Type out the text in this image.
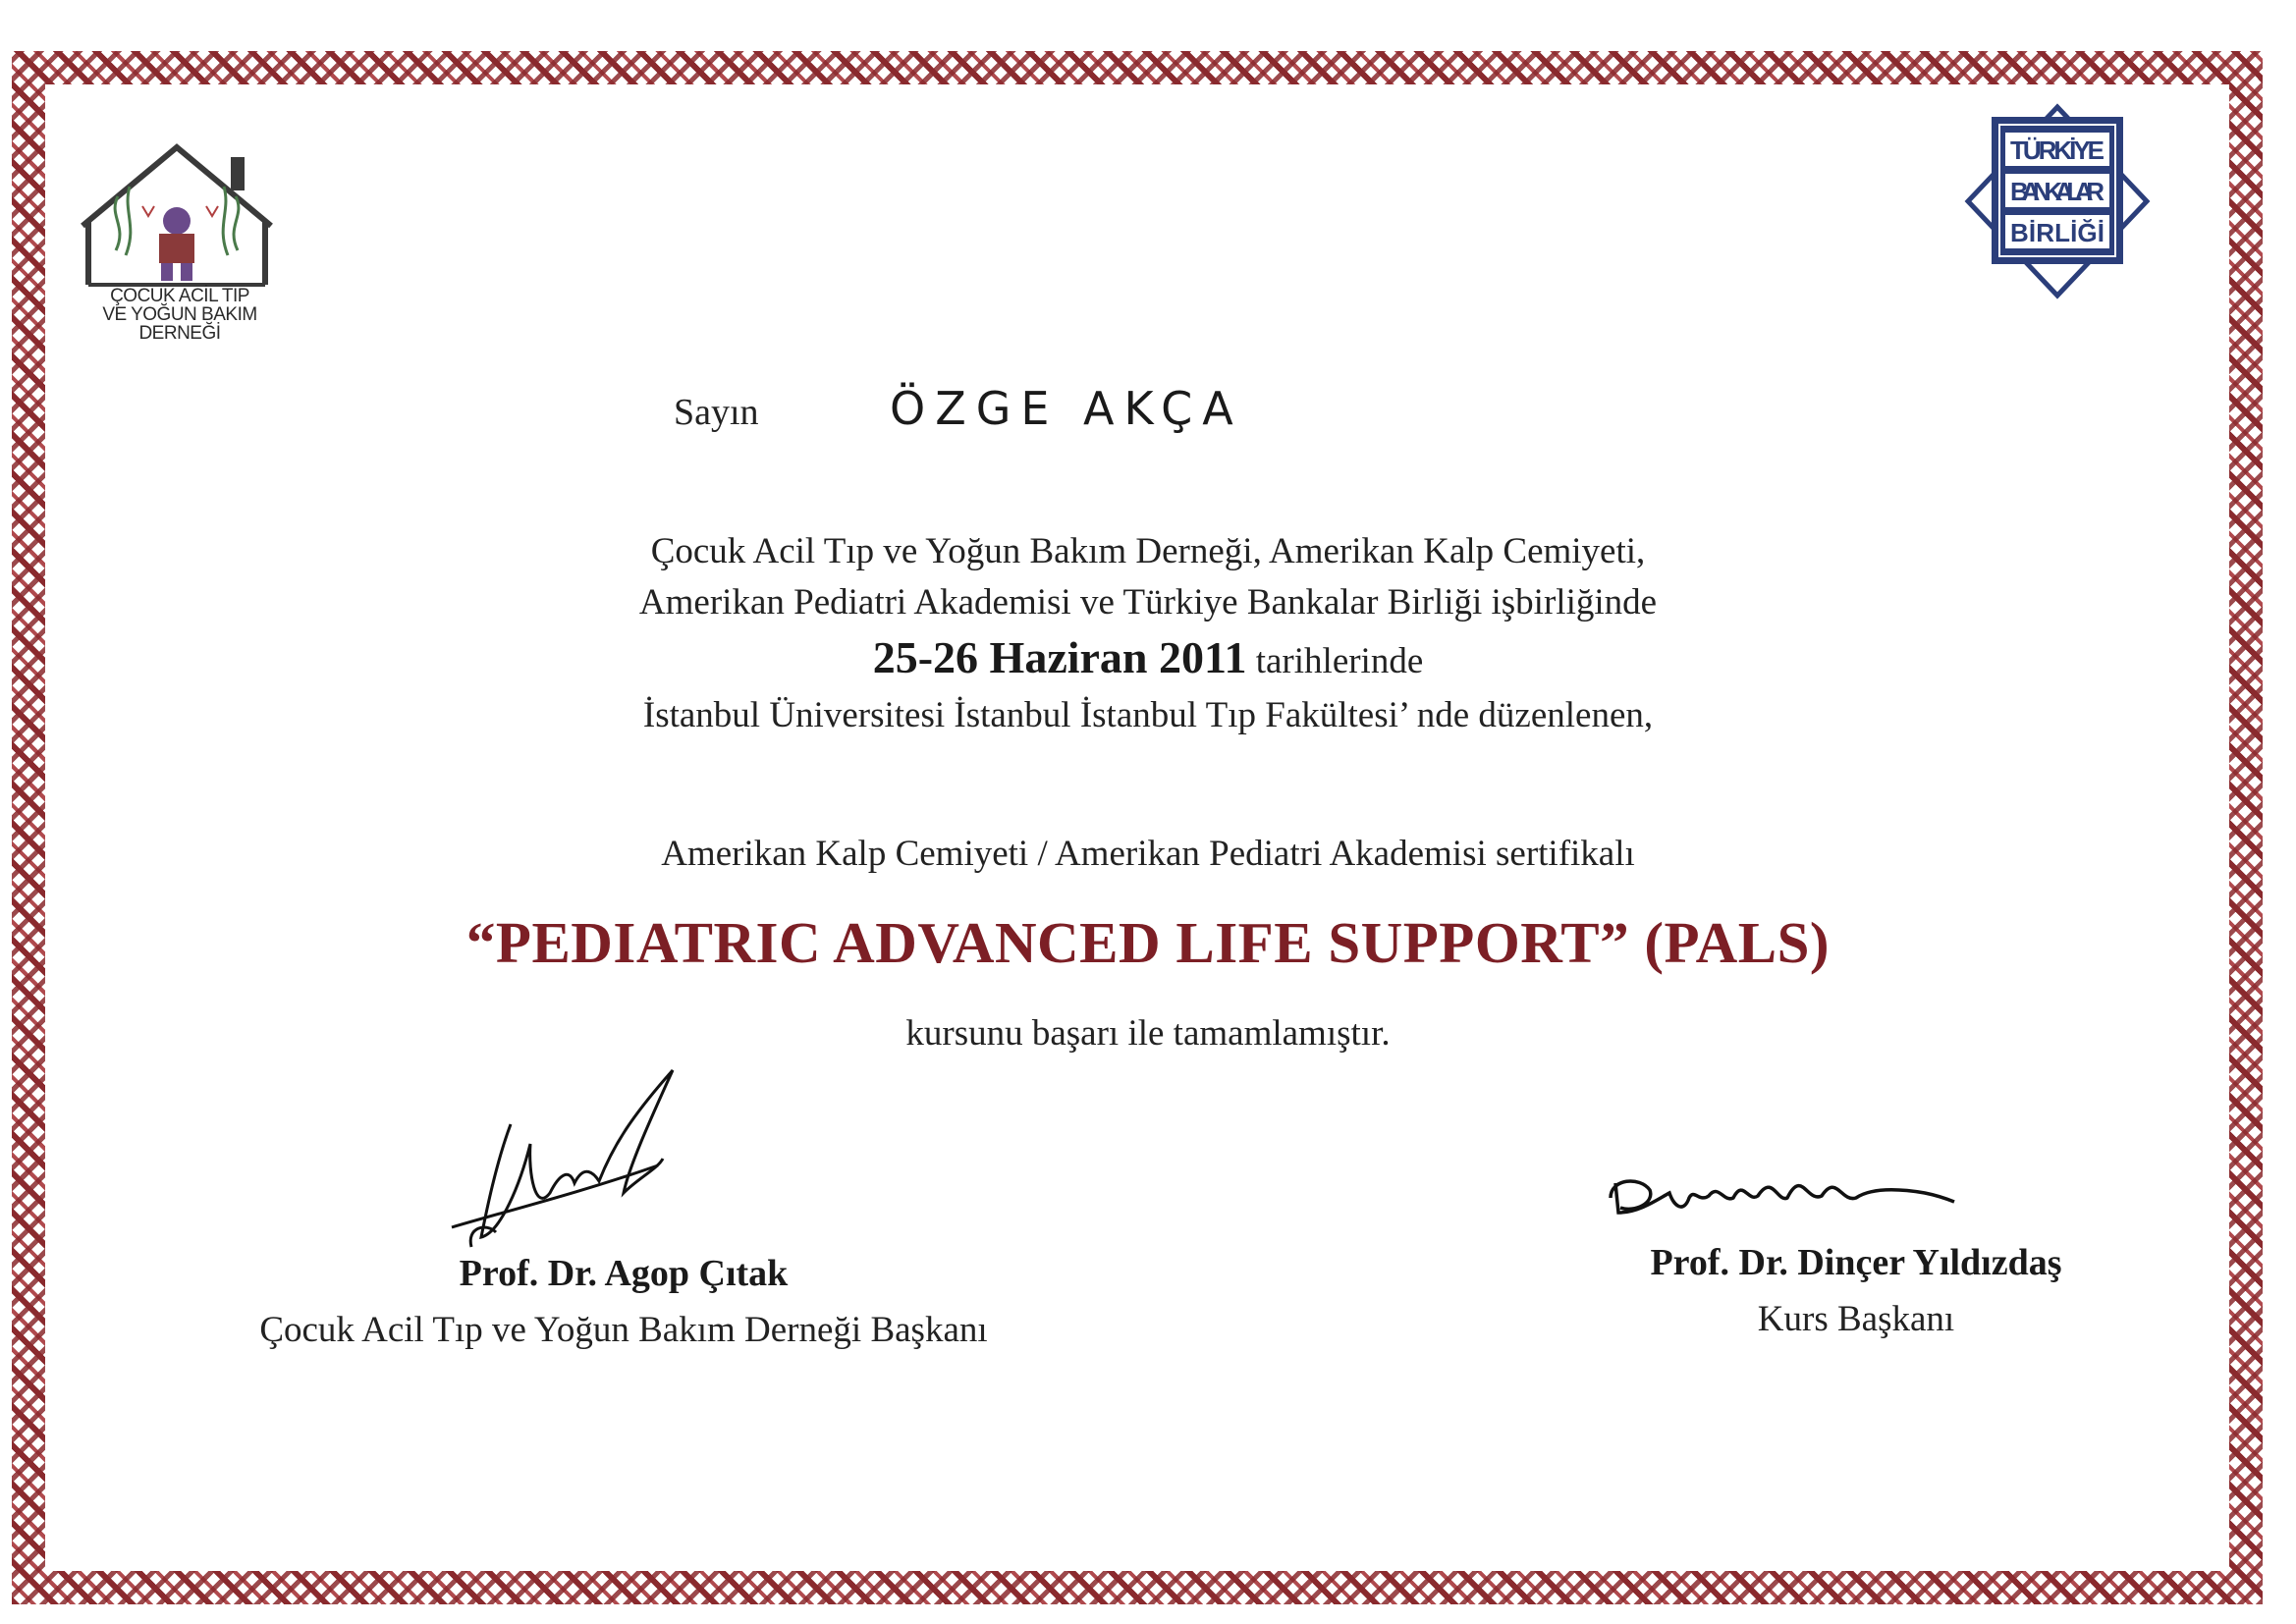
ÇOCUK ACİL TIP
VE YOĞUN BAKIM
DERNEĞİ
TÜRKİYE
BANKALAR
BİRLİĞİ
Sayın	ÖZGE AKÇA
Çocuk Acil Tıp ve Yoğun Bakım Derneği, Amerikan Kalp Cemiyeti,
Amerikan Pediatri Akademisi ve Türkiye Bankalar Birliği işbirliğinde
25-26 Haziran 2011 tarihlerinde
İstanbul Üniversitesi İstanbul İstanbul Tıp Fakültesi’ nde düzenlenen,
Amerikan Kalp Cemiyeti / Amerikan Pediatri Akademisi sertifikalı
“PEDIATRIC ADVANCED LIFE SUPPORT” (PALS)
kursunu başarı ile tamamlamıştır.
Prof. Dr. Agop Çıtak
Çocuk Acil Tıp ve Yoğun Bakım Derneği Başkanı
Prof. Dr. Dinçer Yıldızdaş
Kurs Başkanı
